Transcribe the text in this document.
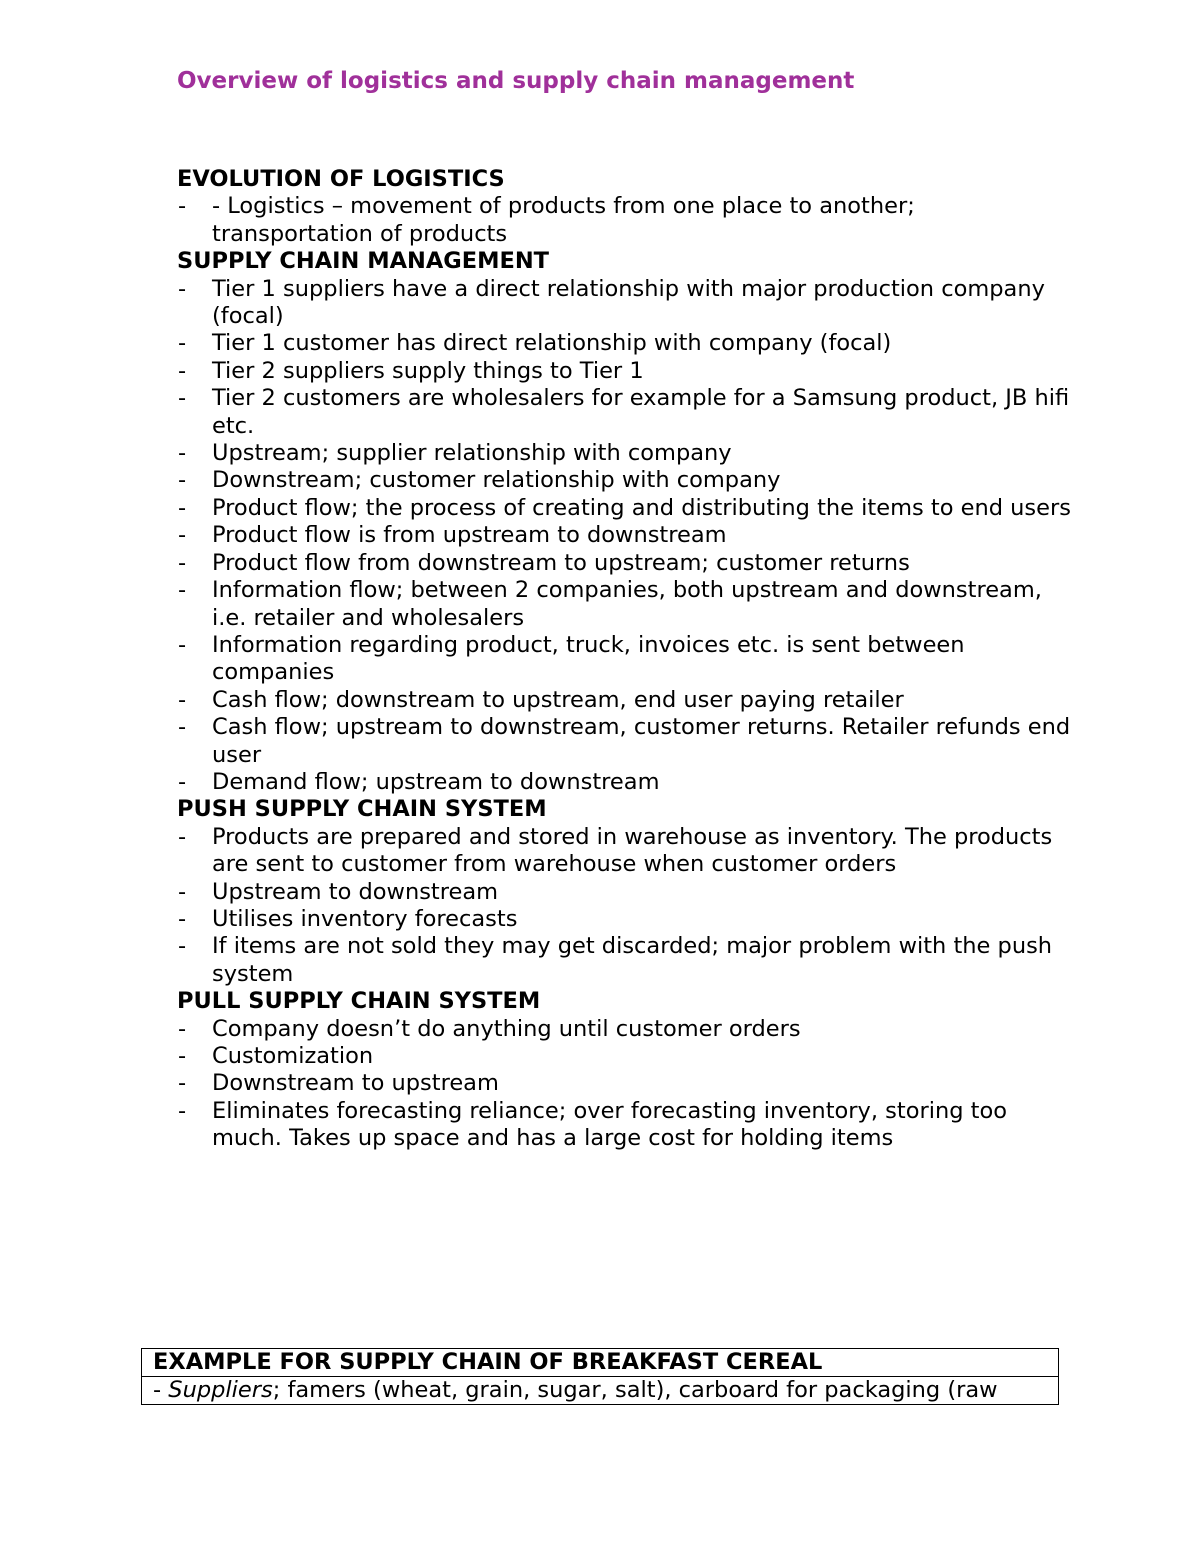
Overview of logistics and supply chain management

EVOLUTION OF LOGISTICS

- - Logistics – movement of products from one place to another; transportation of products

SUPPLY CHAIN MANAGEMENT

- Tier 1 suppliers have a direct relationship with major production company (focal)
- Tier 1 customer has direct relationship with company (focal)
- Tier 2 suppliers supply things to Tier 1
- Tier 2 customers are wholesalers for example for a Samsung product, JB hifi etc.
- Upstream; supplier relationship with company
- Downstream; customer relationship with company
- Product flow; the process of creating and distributing the items to end users
- Product flow is from upstream to downstream
- Product flow from downstream to upstream; customer returns
- Information flow; between 2 companies, both upstream and downstream, i.e. retailer and wholesalers
- Information regarding product, truck, invoices etc. is sent between companies
- Cash flow; downstream to upstream, end user paying retailer
- Cash flow; upstream to downstream, customer returns. Retailer refunds end user
- Demand flow; upstream to downstream

PUSH SUPPLY CHAIN SYSTEM

- Products are prepared and stored in warehouse as inventory. The products are sent to customer from warehouse when customer orders
- Upstream to downstream
- Utilises inventory forecasts
- If items are not sold they may get discarded; major problem with the push system

PULL SUPPLY CHAIN SYSTEM

- Company doesn’t do anything until customer orders
- Customization
- Downstream to upstream
- Eliminates forecasting reliance; over forecasting inventory, storing too much. Takes up space and has a large cost for holding items
EXAMPLE FOR SUPPLY CHAIN OF BREAKFAST CEREAL
- Suppliers; famers (wheat, grain, sugar, salt), carboard for packaging (raw
